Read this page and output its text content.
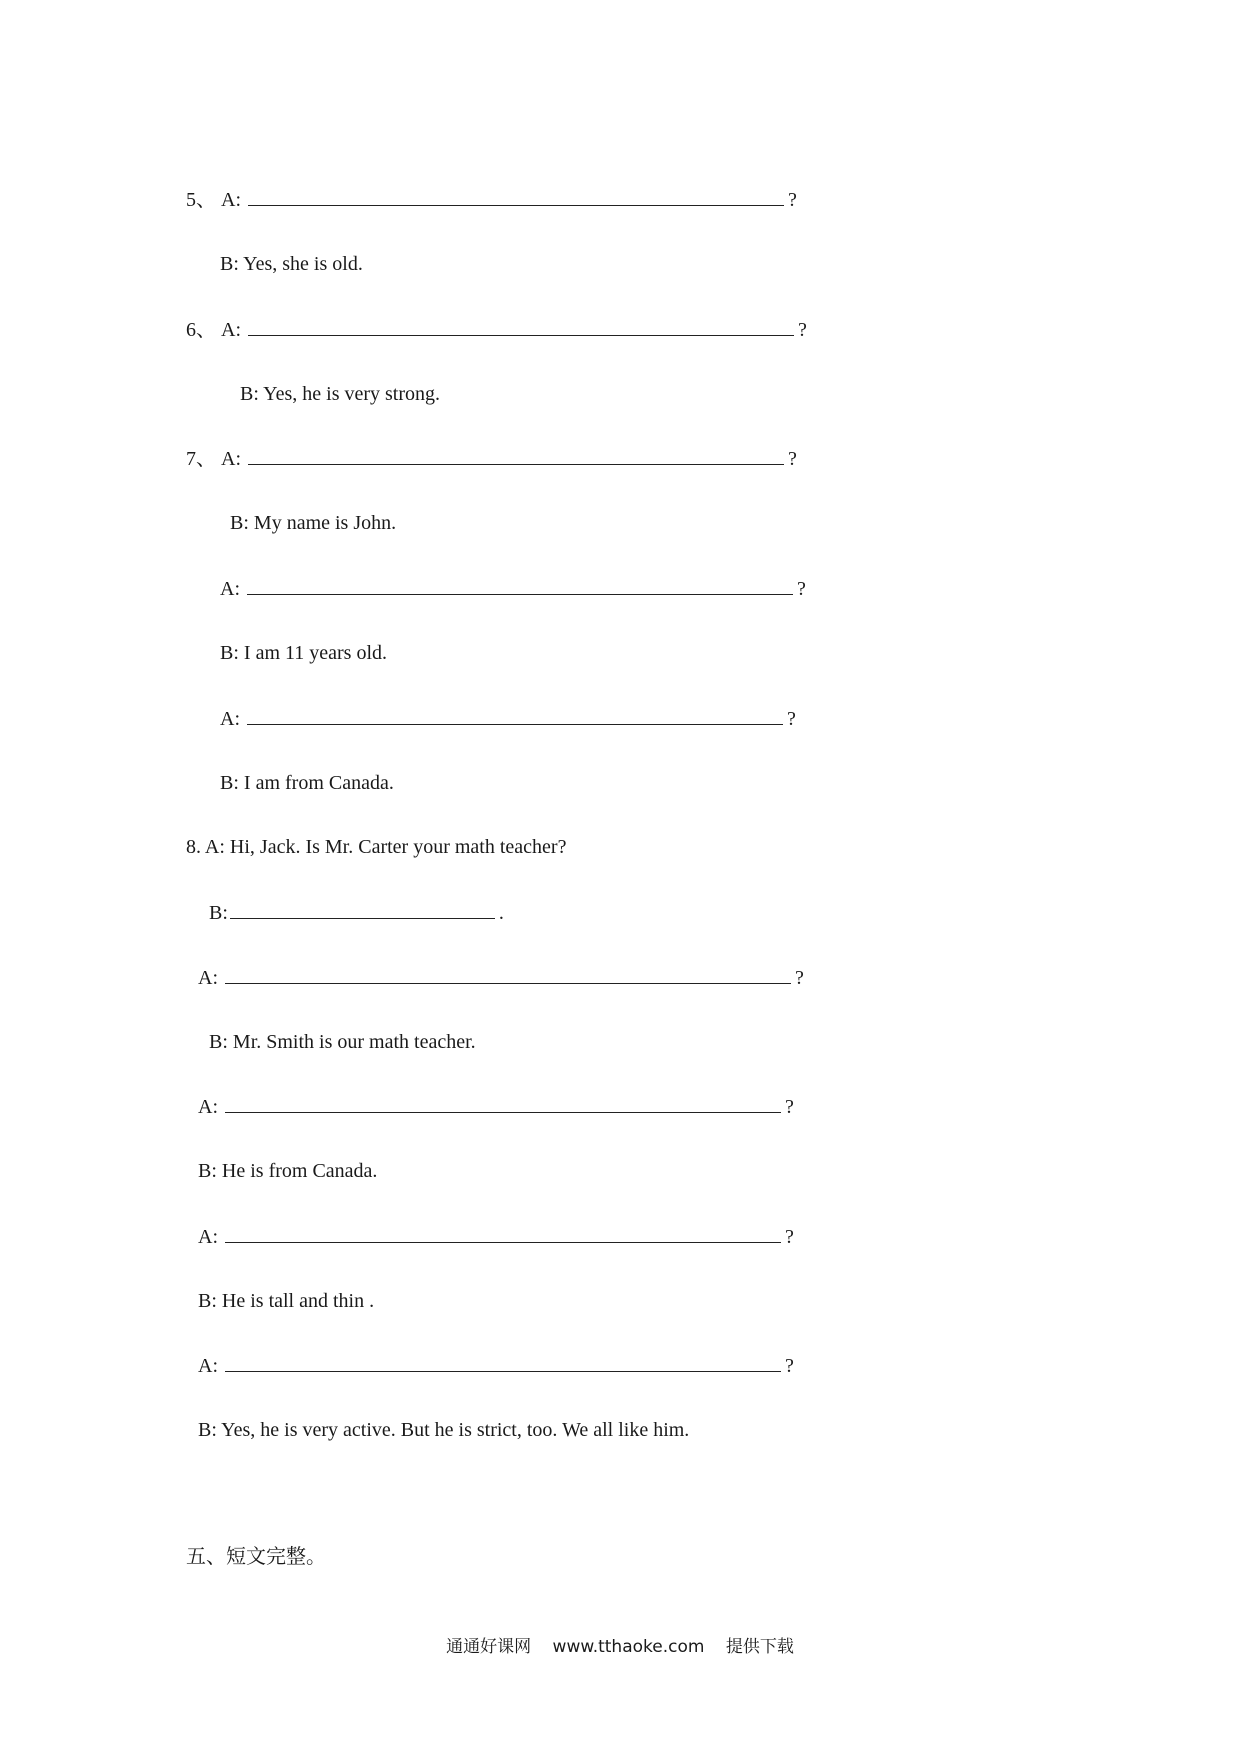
5、 A:	?
B: Yes, she is old.
6、 A:	?
B: Yes, he is very strong.
7、 A:	?
B: My name is John.
A:	?
B: I am 11 years old.
A:	?
B: I am from Canada.
8. A: Hi, Jack. Is Mr. Carter your math teacher?
B:	.
A:	?
B: Mr. Smith is our math teacher.
A:	?
B: He is from Canada.
A:	?
B: He is tall and thin .
A:	?
B: Yes, he is very active. But he is strict, too. We all like him.
五、短文完整。
通通好课网 www.tthaoke.com 提供下载
